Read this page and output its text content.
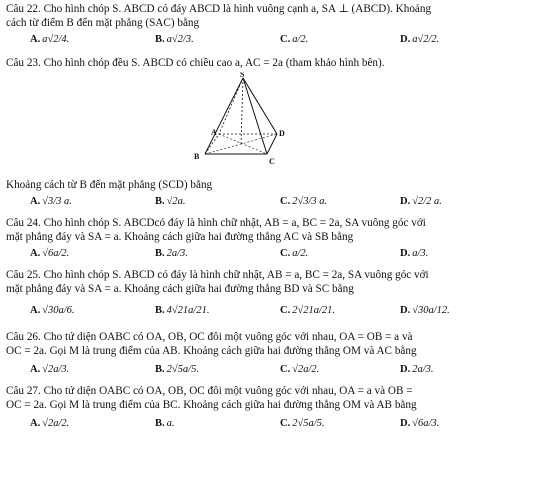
Câu 22. Cho hình chóp S. ABCD có đáy ABCD là hình vuông cạnh a, SA ⊥ (ABCD). Khoảng
cách từ điểm B đến mặt phẳng (SAC) bằng
A. a√2/4.	B. a√2/3.	C. a/2.	D. a√2/2.
Câu 23. Cho hình chóp đều S. ABCD có chiều cao a, AC = 2a (tham khảo hình bên).
S
A
B
C
D
Khoảng cách từ B đến mặt phẳng (SCD) bằng
A. √3/3 a.	B. √2a.	C. 2√3/3 a.	D. √2/2 a.
Câu 24. Cho hình chóp S. ABCDcó đáy là hình chữ nhật, AB = a, BC = 2a, SA vuông góc với
mặt phẳng đáy và SA = a. Khoảng cách giữa hai đường thẳng AC và SB bằng
A. √6a/2.	B. 2a/3.	C. a/2.	D. a/3.
Câu 25. Cho hình chóp S. ABCD có đáy là hình chữ nhật, AB = a, BC = 2a, SA vuông góc với
mặt phẳng đáy và SA = a. Khoảng cách giữa hai đường thẳng BD và SC bằng
A. √30a/6.	B. 4√21a/21.	C. 2√21a/21.	D. √30a/12.
Câu 26. Cho tứ diện OABC có OA, OB, OC đôi một vuông góc với nhau, OA = OB = a và
OC = 2a. Gọi M là trung điểm của AB. Khoảng cách giữa hai đường thẳng OM và AC bằng
A. √2a/3.	B. 2√5a/5.	C. √2a/2.	D. 2a/3.
Câu 27. Cho tứ diện OABC có OA, OB, OC đôi một vuông góc với nhau, OA = a và OB =
OC = 2a. Gọi M là trung điểm của BC. Khoảng cách giữa hai đường thẳng OM và AB bằng
A. √2a/2.	B. a.	C. 2√5a/5.	D. √6a/3.
